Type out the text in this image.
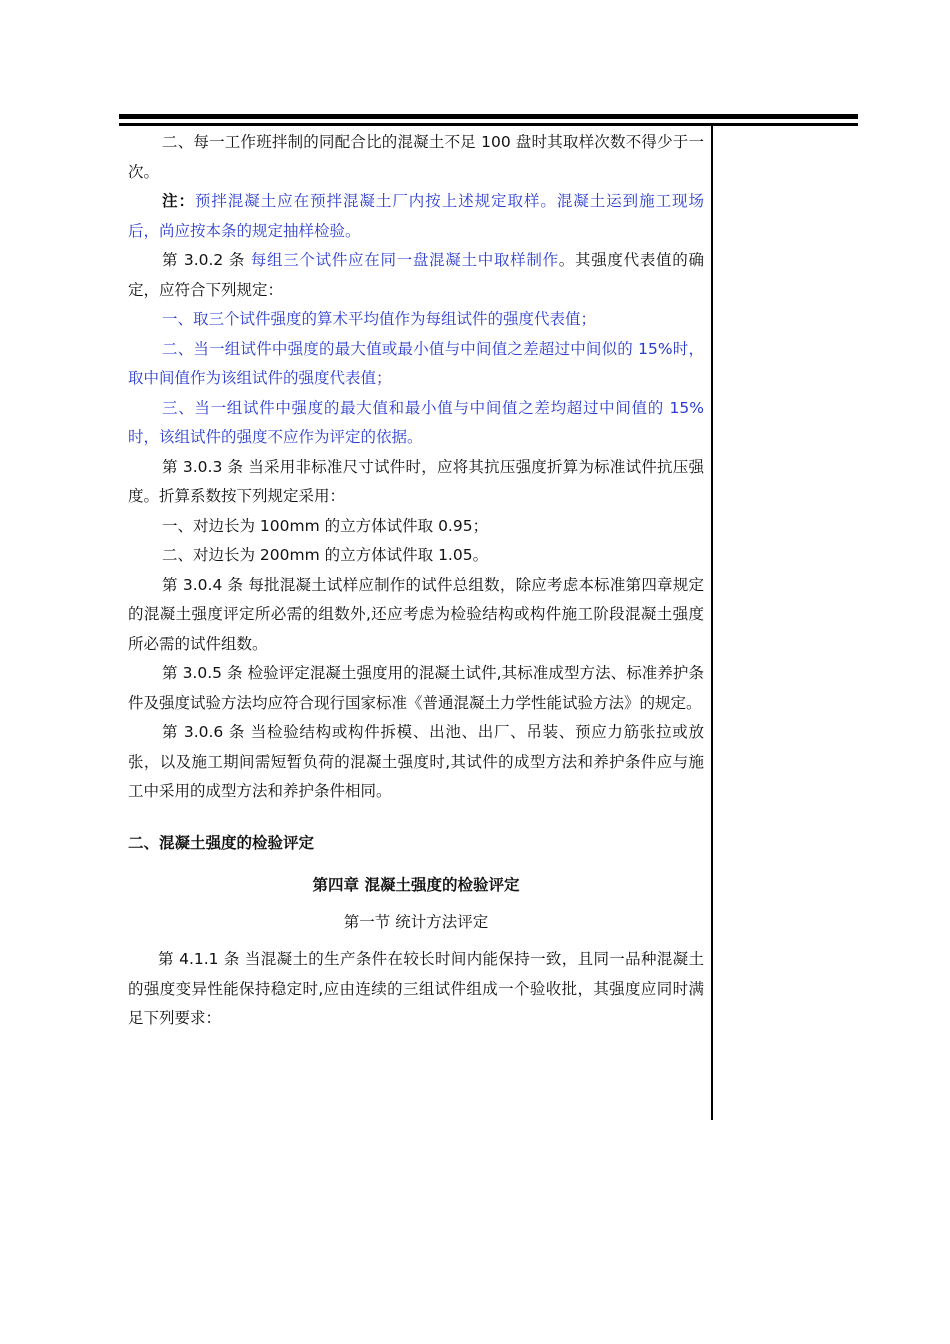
二、每一工作班拌制的同配合比的混凝土不足 100 盘时其取样次数不得少于一次。

注：预拌混凝土应在预拌混凝土厂内按上述规定取样。混凝土运到施工现场后，尚应按本条的规定抽样检验。

第 3.0.2 条 每组三个试件应在同一盘混凝土中取样制作。其强度代表值的确定，应符合下列规定：

一、取三个试件强度的算术平均值作为每组试件的强度代表值；

二、当一组试件中强度的最大值或最小值与中间值之差超过中间似的 15%时，取中间值作为该组试件的强度代表值；

三、当一组试件中强度的最大值和最小值与中间值之差均超过中间值的 15%时，该组试件的强度不应作为评定的依据。

第 3.0.3 条 当采用非标准尺寸试件时，应将其抗压强度折算为标准试件抗压强度。折算系数按下列规定采用：

一、对边长为 100mm 的立方体试件取 0.95；

二、对边长为 200mm 的立方体试件取 1.05。

第 3.0.4 条 每批混凝土试样应制作的试件总组数，除应考虑本标准第四章规定的混凝土强度评定所必需的组数外,还应考虑为检验结构或构件施工阶段混凝土强度所必需的试件组数。

第 3.0.5 条 检验评定混凝土强度用的混凝土试件,其标准成型方法、标准养护条件及强度试验方法均应符合现行国家标准《普通混凝土力学性能试验方法》的规定。

第 3.0.6 条 当检验结构或构件拆模、出池、出厂、吊装、预应力筋张拉或放张，以及施工期间需短暂负荷的混凝土强度时,其试件的成型方法和养护条件应与施工中采用的成型方法和养护条件相同。

二、混凝土强度的检验评定

第四章 混凝土强度的检验评定

第一节 统计方法评定

第 4.1.1 条 当混凝土的生产条件在较长时间内能保持一致，且同一品种混凝土的强度变异性能保持稳定时,应由连续的三组试件组成一个验收批，其强度应同时满足下列要求：
